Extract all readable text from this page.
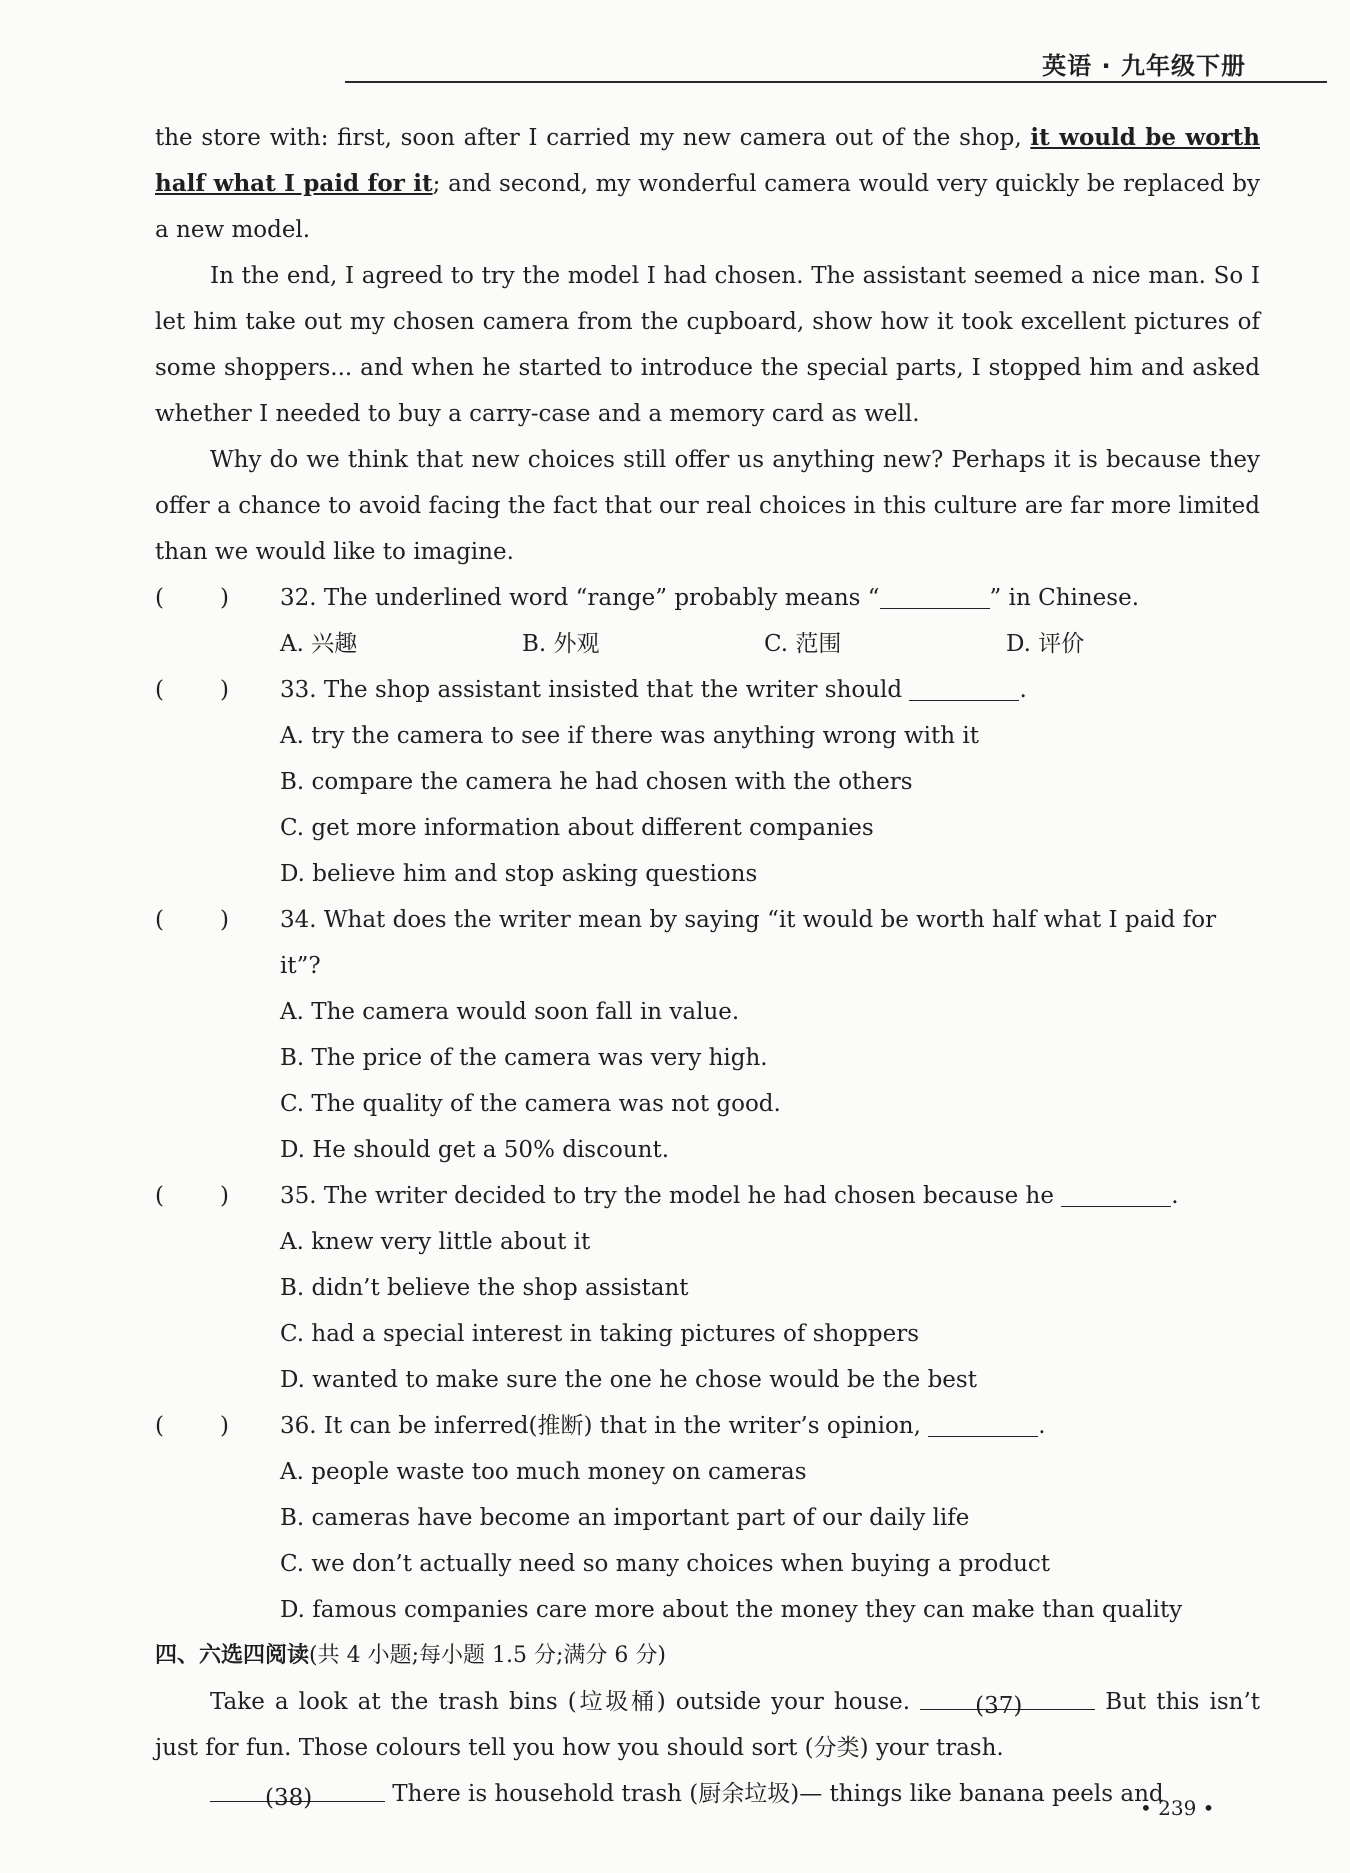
英语 · 九年级下册

the store with: first, soon after I carried my new camera out of the shop, it would be worth half what I paid for it; and second, my wonderful camera would very quickly be replaced by a new model.

In the end, I agreed to try the model I had chosen. The assistant seemed a nice man. So I let him take out my chosen camera from the cupboard, show how it took excellent pictures of some shoppers... and when he started to introduce the special parts, I stopped him and asked whether I needed to buy a carry-case and a memory card as well.

Why do we think that new choices still offer us anything new? Perhaps it is because they offer a chance to avoid facing the fact that our real choices in this culture are far more limited than we would like to imagine.

( ) 32. The underlined word “range” probably means “	” in Chinese.
A. 兴趣	B. 外观	C. 范围	D. 评价
( ) 33. The shop assistant insisted that the writer should	.
A. try the camera to see if there was anything wrong with it
B. compare the camera he had chosen with the others
C. get more information about different companies
D. believe him and stop asking questions
( ) 34. What does the writer mean by saying “it would be worth half what I paid for it”?
A. The camera would soon fall in value.
B. The price of the camera was very high.
C. The quality of the camera was not good.
D. He should get a 50% discount.
( ) 35. The writer decided to try the model he had chosen because he	.
A. knew very little about it
B. didn’t believe the shop assistant
C. had a special interest in taking pictures of shoppers
D. wanted to make sure the one he chose would be the best
( ) 36. It can be inferred(推断) that in the writer’s opinion,	.
A. people waste too much money on cameras
B. cameras have become an important part of our daily life
C. we don’t actually need so many choices when buying a product
D. famous companies care more about the money they can make than quality
四、六选四阅读(共 4 小题;每小题 1.5 分;满分 6 分)

Take a look at the trash bins (垃圾桶) outside your house. (37)	But this isn’t just for fun. Those colours tell you how you should sort (分类) your trash.

(38)	There is household trash (厨余垃圾)— things like banana peels and

• 239 •
